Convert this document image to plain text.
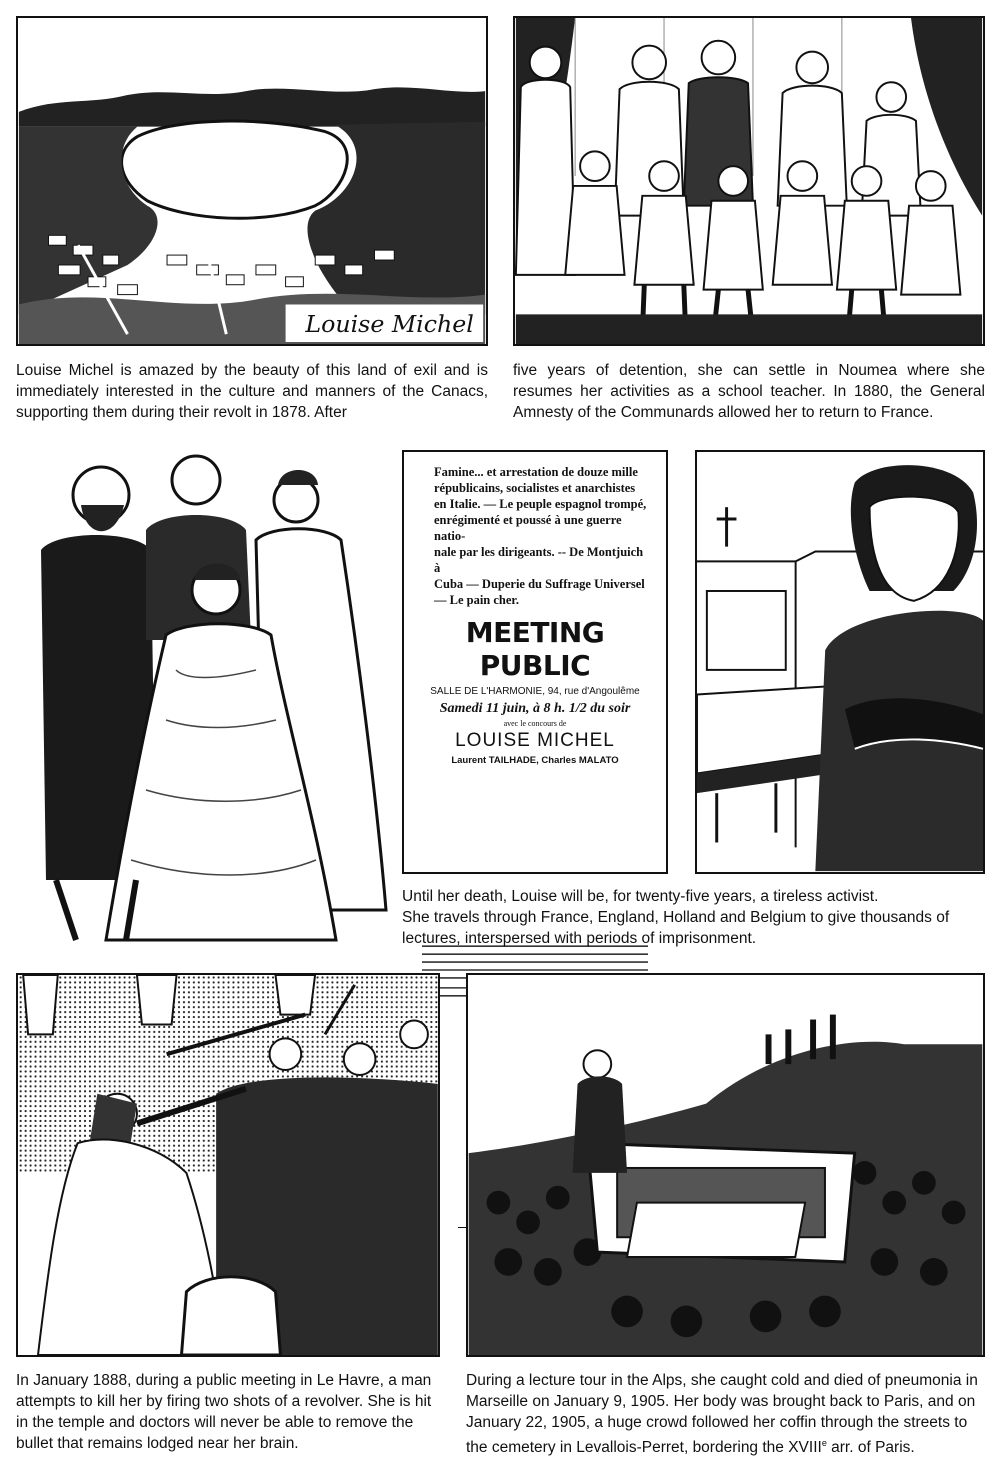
Louise Michel
Louise Michel is amazed by the beauty of this land of exil and is immediately interested in the culture and manners of the Canacs, supporting them during their revolt in 1878. After
five years of detention, she can settle in Noumea where she resumes her activities as a school teacher. In 1880, the General Amnesty of the Communards allowed her to return to France.
Famine... et arrestation de douze mille
républicains, socialistes et anarchistes
en Italie. — Le peuple espagnol trompé,
enrégimenté et poussé à une guerre natio-
nale par les dirigeants. -- De Montjuich à
Cuba — Duperie du Suffrage Universel
— Le pain cher.
MEETING PUBLIC
SALLE DE L'HARMONIE, 94, rue d'Angoulême
Samedi 11 juin, à 8 h. 1/2 du soir
avec le concours de
LOUISE MICHEL
Laurent TAILHADE, Charles MALATO
Until her death, Louise will be, for twenty-five years, a tireless activist.
She travels through France, England, Holland and Belgium to give thousands of lectures, interspersed with periods of imprisonment.
In January 1888, during a public meeting in Le Havre, a man attempts to kill her by firing two shots of a revolver. She is hit in the temple and doctors will never be able to remove the bullet that remains lodged near her brain.
During a lecture tour in the Alps, she caught cold and died of pneumonia in Marseille on January 9, 1905. Her body was brought back to Paris, and on January 22, 1905, a huge crowd followed her coffin through the streets to the cemetery in Levallois-Perret, bordering the XVIIIe arr. of Paris.
